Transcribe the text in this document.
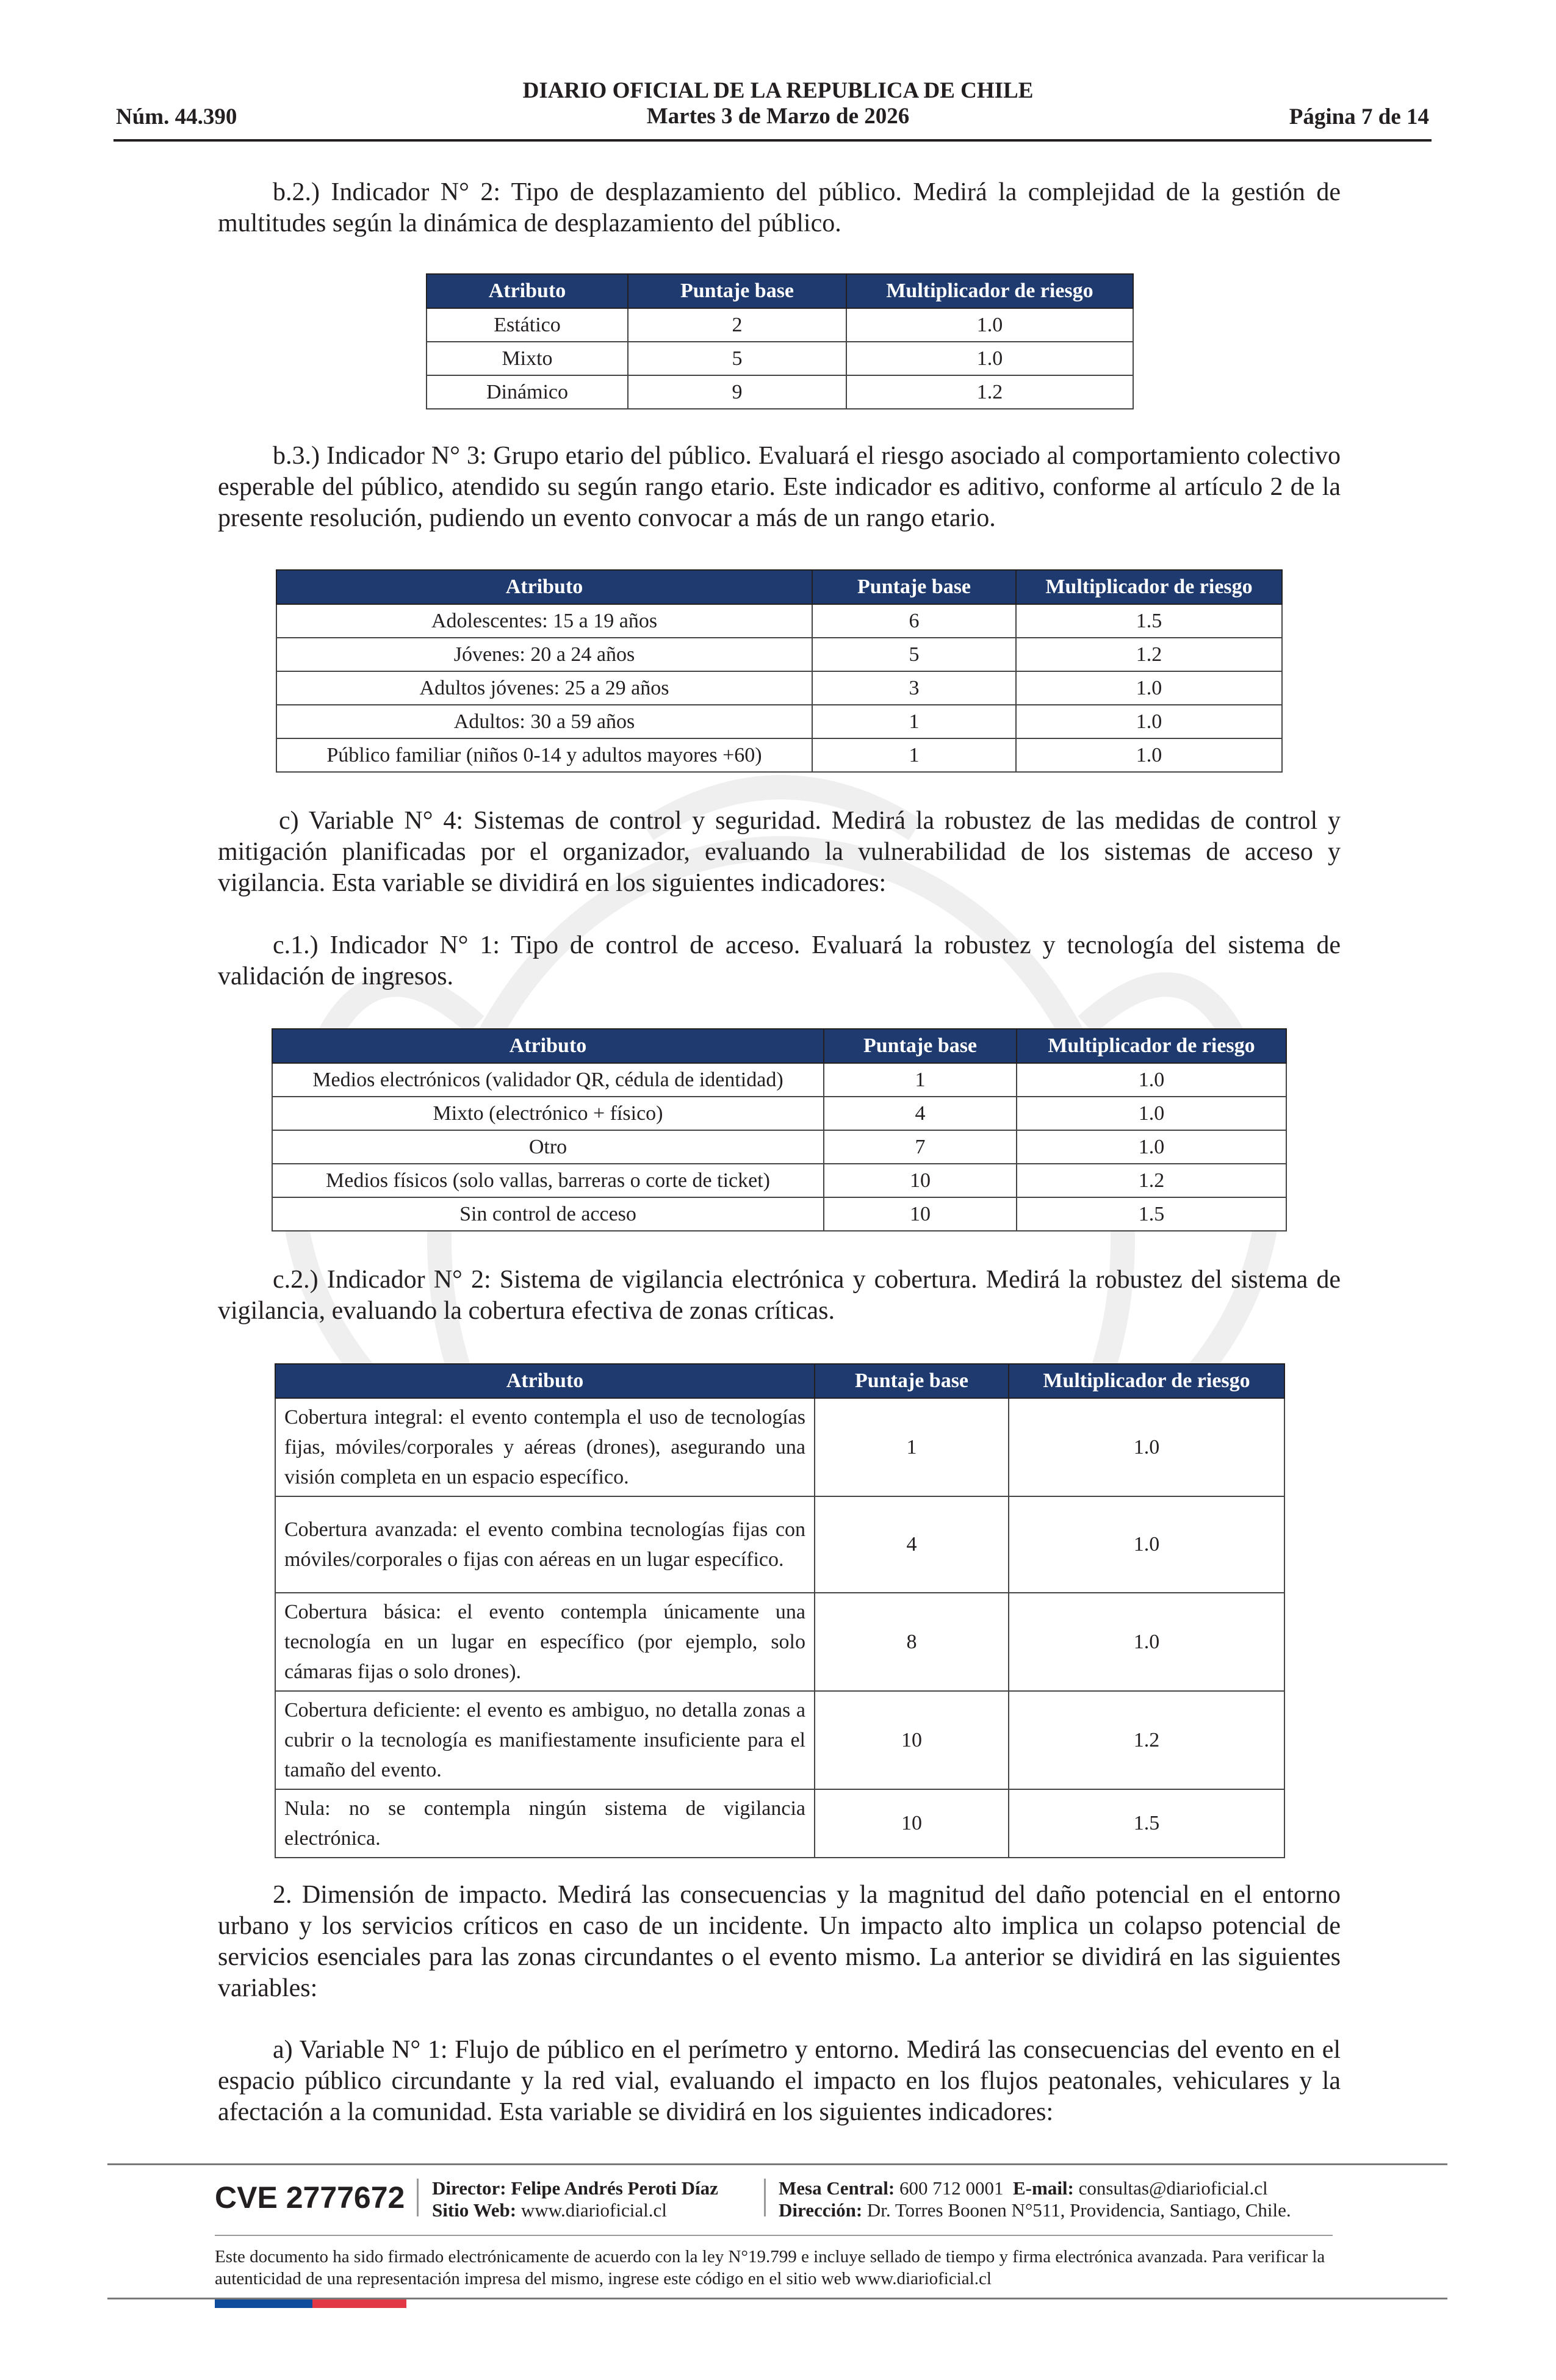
DIARIO OFICIAL DE LA REPUBLICA DE CHILE
Martes 3 de Marzo de 2026
Núm. 44.390	Página 7 de 14
b.2.) Indicador N° 2: Tipo de desplazamiento del público. Medirá la complejidad de la gestión de multitudes según la dinámica de desplazamiento del público.
Atributo	Puntaje base	Multiplicador de riesgo
Estático	2	1.0
Mixto	5	1.0
Dinámico	9	1.2
b.3.) Indicador N° 3: Grupo etario del público. Evaluará el riesgo asociado al comportamiento colectivo esperable del público, atendido su según rango etario. Este indicador es aditivo, conforme al artículo 2 de la presente resolución, pudiendo un evento convocar a más de un rango etario.
Atributo	Puntaje base	Multiplicador de riesgo
Adolescentes: 15 a 19 años	6	1.5
Jóvenes: 20 a 24 años	5	1.2
Adultos jóvenes: 25 a 29 años	3	1.0
Adultos: 30 a 59 años	1	1.0
Público familiar (niños 0-14 y adultos mayores +60)	1	1.0
c) Variable N° 4: Sistemas de control y seguridad. Medirá la robustez de las medidas de control y mitigación planificadas por el organizador, evaluando la vulnerabilidad de los sistemas de acceso y vigilancia. Esta variable se dividirá en los siguientes indicadores:
c.1.) Indicador N° 1: Tipo de control de acceso. Evaluará la robustez y tecnología del sistema de validación de ingresos.
Atributo	Puntaje base	Multiplicador de riesgo
Medios electrónicos (validador QR, cédula de identidad)	1	1.0
Mixto (electrónico + físico)	4	1.0
Otro	7	1.0
Medios físicos (solo vallas, barreras o corte de ticket)	10	1.2
Sin control de acceso	10	1.5
c.2.) Indicador N° 2: Sistema de vigilancia electrónica y cobertura. Medirá la robustez del sistema de vigilancia, evaluando la cobertura efectiva de zonas críticas.
Atributo	Puntaje base	Multiplicador de riesgo
Cobertura integral: el evento contempla el uso de tecnologías fijas, móviles/corporales y aéreas (drones), asegurando una visión completa en un espacio específico.	1	1.0
Cobertura avanzada: el evento combina tecnologías fijas con móviles/corporales o fijas con aéreas en un lugar específico.	4	1.0
Cobertura básica: el evento contempla únicamente una tecnología en un lugar en específico (por ejemplo, solo cámaras fijas o solo drones).	8	1.0
Cobertura deficiente: el evento es ambiguo, no detalla zonas a cubrir o la tecnología es manifiestamente insuficiente para el tamaño del evento.	10	1.2
Nula: no se contempla ningún sistema de vigilancia electrónica.	10	1.5
2. Dimensión de impacto. Medirá las consecuencias y la magnitud del daño potencial en el entorno urbano y los servicios críticos en caso de un incidente. Un impacto alto implica un colapso potencial de servicios esenciales para las zonas circundantes o el evento mismo. La anterior se dividirá en las siguientes variables:
a) Variable N° 1: Flujo de público en el perímetro y entorno. Medirá las consecuencias del evento en el espacio público circundante y la red vial, evaluando el impacto en los flujos peatonales, vehiculares y la afectación a la comunidad. Esta variable se dividirá en los siguientes indicadores:
CVE 2777672 Director: Felipe Andrés Peroti Díaz
Sitio Web: www.diarioficial.cl
Mesa Central: 600 712 0001 E-mail: consultas@diarioficial.cl
Dirección: Dr. Torres Boonen N°511, Providencia, Santiago, Chile.
Este documento ha sido firmado electrónicamente de acuerdo con la ley N°19.799 e incluye sellado de tiempo y firma electrónica avanzada. Para verificar la autenticidad de una representación impresa del mismo, ingrese este código en el sitio web www.diarioficial.cl
